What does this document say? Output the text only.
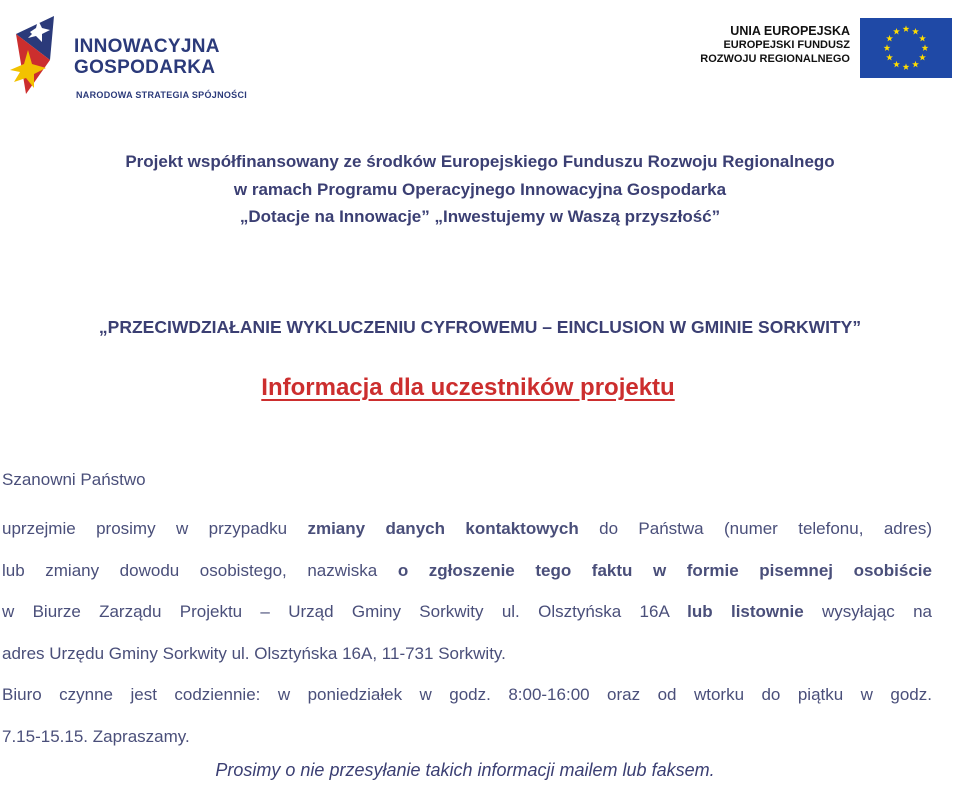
INNOWACYJNA
GOSPODARKA
NARODOWA STRATEGIA SPÓJNOŚCI
UNIA EUROPEJSKA
EUROPEJSKI FUNDUSZ
ROZWOJU REGIONALNEGO
Projekt współfinansowany ze środków Europejskiego Funduszu Rozwoju Regionalnego
w ramach Programu Operacyjnego Innowacyjna Gospodarka
„Dotacje na Innowacje” „Inwestujemy w Waszą przyszłość”
„PRZECIWDZIAŁANIE WYKLUCZENIU CYFROWEMU – EINCLUSION W GMINIE SORKWITY”
Informacja dla uczestników projektu
Szanowni Państwo
uprzejmie prosimy w przypadku zmiany danych kontaktowych do Państwa (numer telefonu, adres)
lub zmiany dowodu osobistego, nazwiska o zgłoszenie tego faktu w formie pisemnej osobiście
w Biurze Zarządu Projektu – Urząd Gminy Sorkwity ul. Olsztyńska 16A lub listownie wysyłając na
adres Urzędu Gminy Sorkwity ul. Olsztyńska 16A, 11-731 Sorkwity.
Biuro czynne jest codziennie: w poniedziałek w godz. 8:00-16:00 oraz od wtorku do piątku w godz.
7.15-15.15. Zapraszamy.
Prosimy o nie przesyłanie takich informacji mailem lub faksem.
